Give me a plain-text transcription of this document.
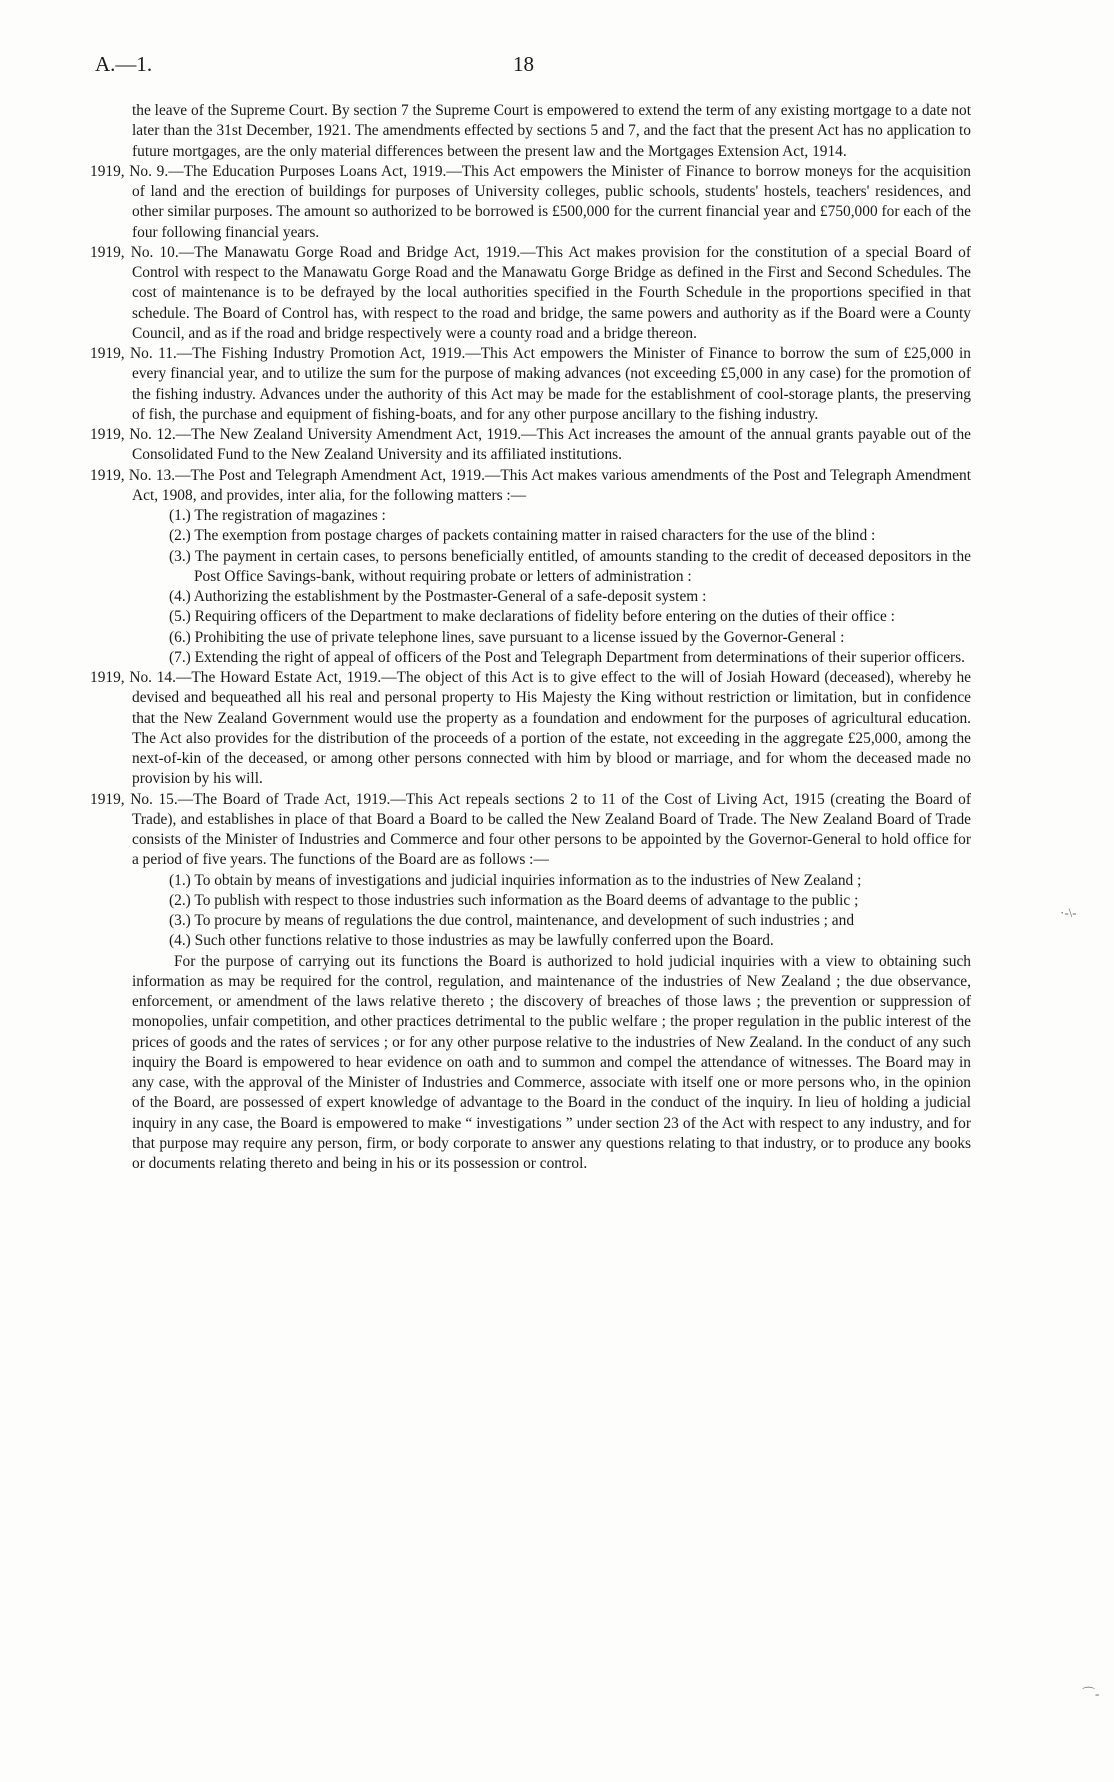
A.—1.	18

the leave of the Supreme Court. By section 7 the Supreme Court is empowered to extend the term of any existing mortgage to a date not later than the 31st December, 1921. The amendments effected by sections 5 and 7, and the fact that the present Act has no application to future mortgages, are the only material differences between the present law and the Mortgages Extension Act, 1914.

1919, No. 9.—The Education Purposes Loans Act, 1919.—This Act empowers the Minister of Finance to borrow moneys for the acquisition of land and the erection of buildings for purposes of University colleges, public schools, students' hostels, teachers' residences, and other similar purposes. The amount so authorized to be borrowed is £500,000 for the current financial year and £750,000 for each of the four following financial years.

1919, No. 10.—The Manawatu Gorge Road and Bridge Act, 1919.—This Act makes provision for the constitution of a special Board of Control with respect to the Manawatu Gorge Road and the Manawatu Gorge Bridge as defined in the First and Second Schedules. The cost of maintenance is to be defrayed by the local authorities specified in the Fourth Schedule in the proportions specified in that schedule. The Board of Control has, with respect to the road and bridge, the same powers and authority as if the Board were a County Council, and as if the road and bridge respectively were a county road and a bridge thereon.

1919, No. 11.—The Fishing Industry Promotion Act, 1919.—This Act empowers the Minister of Finance to borrow the sum of £25,000 in every financial year, and to utilize the sum for the purpose of making advances (not exceeding £5,000 in any case) for the promotion of the fishing industry. Advances under the authority of this Act may be made for the establishment of cool-storage plants, the preserving of fish, the purchase and equipment of fishing-boats, and for any other purpose ancillary to the fishing industry.

1919, No. 12.—The New Zealand University Amendment Act, 1919.—This Act increases the amount of the annual grants payable out of the Consolidated Fund to the New Zealand University and its affiliated institutions.

1919, No. 13.—The Post and Telegraph Amendment Act, 1919.—This Act makes various amendments of the Post and Telegraph Amendment Act, 1908, and provides, inter alia, for the following matters :—

(1.) The registration of magazines :

(2.) The exemption from postage charges of packets containing matter in raised characters for the use of the blind :

(3.) The payment in certain cases, to persons beneficially entitled, of amounts standing to the credit of deceased depositors in the Post Office Savings-bank, without requiring probate or letters of administration :

(4.) Authorizing the establishment by the Postmaster-General of a safe-deposit system :

(5.) Requiring officers of the Department to make declarations of fidelity before entering on the duties of their office :

(6.) Prohibiting the use of private telephone lines, save pursuant to a license issued by the Governor-General :

(7.) Extending the right of appeal of officers of the Post and Telegraph Department from determinations of their superior officers.

1919, No. 14.—The Howard Estate Act, 1919.—The object of this Act is to give effect to the will of Josiah Howard (deceased), whereby he devised and bequeathed all his real and personal property to His Majesty the King without restriction or limitation, but in confidence that the New Zealand Government would use the property as a foundation and endowment for the purposes of agricultural education. The Act also provides for the distribution of the proceeds of a portion of the estate, not exceeding in the aggregate £25,000, among the next-of-kin of the deceased, or among other persons connected with him by blood or marriage, and for whom the deceased made no provision by his will.

1919, No. 15.—The Board of Trade Act, 1919.—This Act repeals sections 2 to 11 of the Cost of Living Act, 1915 (creating the Board of Trade), and establishes in place of that Board a Board to be called the New Zealand Board of Trade. The New Zealand Board of Trade consists of the Minister of Industries and Commerce and four other persons to be appointed by the Governor-General to hold office for a period of five years. The functions of the Board are as follows :—

(1.) To obtain by means of investigations and judicial inquiries information as to the industries of New Zealand ;

(2.) To publish with respect to those industries such information as the Board deems of advantage to the public ;

(3.) To procure by means of regulations the due control, maintenance, and development of such industries ; and

(4.) Such other functions relative to those industries as may be lawfully conferred upon the Board.

For the purpose of carrying out its functions the Board is authorized to hold judicial inquiries with a view to obtaining such information as may be required for the control, regulation, and maintenance of the industries of New Zealand ; the due observance, enforcement, or amendment of the laws relative thereto ; the discovery of breaches of those laws ; the prevention or suppression of monopolies, unfair competition, and other practices detrimental to the public welfare ; the proper regulation in the public interest of the prices of goods and the rates of services ; or for any other purpose relative to the industries of New Zealand. In the conduct of any such inquiry the Board is empowered to hear evidence on oath and to summon and compel the attendance of witnesses. The Board may in any case, with the approval of the Minister of Industries and Commerce, associate with itself one or more persons who, in the opinion of the Board, are possessed of expert knowledge of advantage to the Board in the conduct of the inquiry. In lieu of holding a judicial inquiry in any case, the Board is empowered to make “ investigations ” under section 23 of the Act with respect to any industry, and for that purpose may require any person, firm, or body corporate to answer any questions relating to that industry, or to produce any books or documents relating thereto and being in his or its possession or control.

·-\-
⌒-
